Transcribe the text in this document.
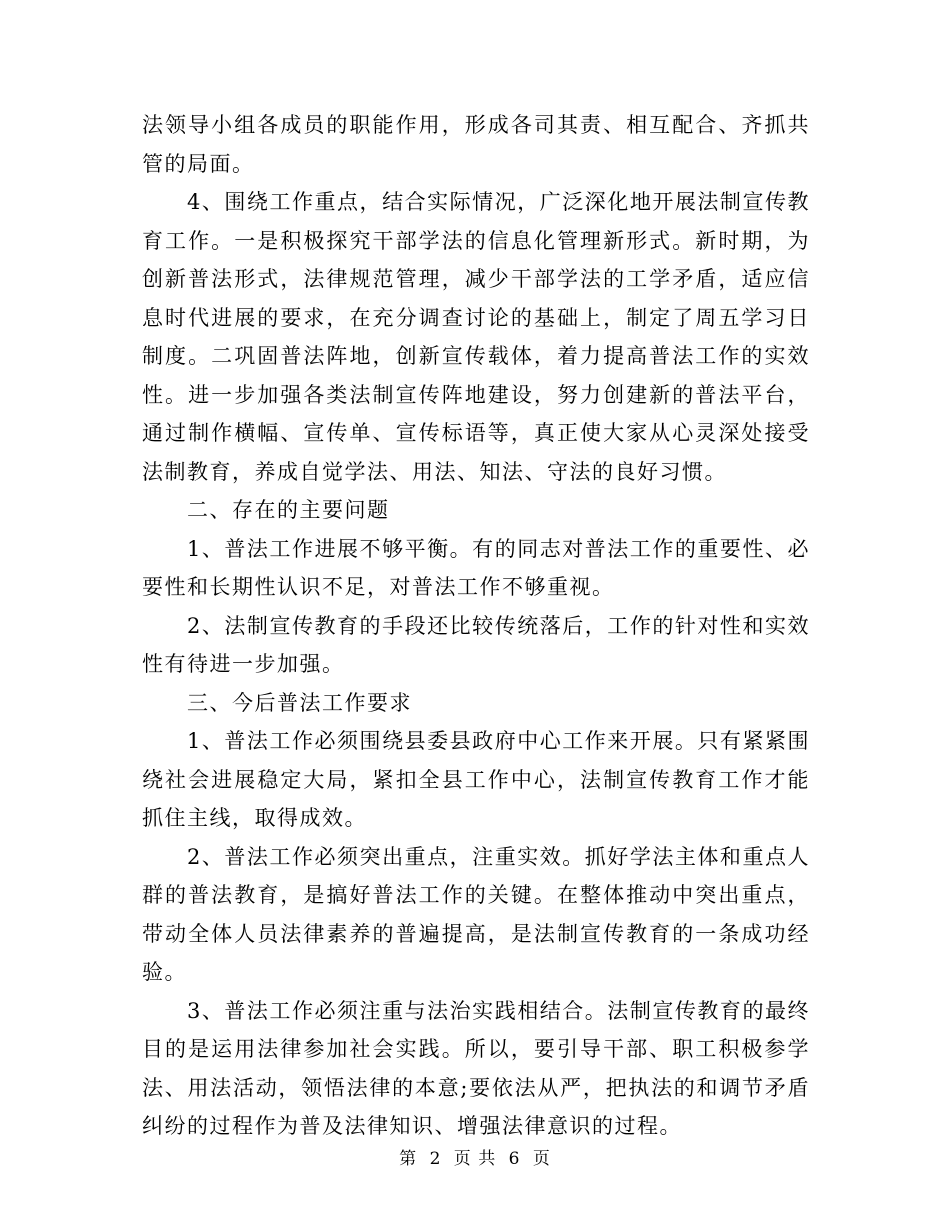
法领导小组各成员的职能作用，形成各司其责、相互配合、齐抓共管的局面。

4、围绕工作重点，结合实际情况，广泛深化地开展法制宣传教育工作。一是积极探究干部学法的信息化管理新形式。新时期，为创新普法形式，法律规范管理，减少干部学法的工学矛盾，适应信息时代进展的要求，在充分调查讨论的基础上，制定了周五学习日制度。二巩固普法阵地，创新宣传载体，着力提高普法工作的实效性。进一步加强各类法制宣传阵地建设，努力创建新的普法平台，通过制作横幅、宣传单、宣传标语等，真正使大家从心灵深处接受法制教育，养成自觉学法、用法、知法、守法的良好习惯。

二、存在的主要问题

1、普法工作进展不够平衡。有的同志对普法工作的重要性、必要性和长期性认识不足，对普法工作不够重视。

2、法制宣传教育的手段还比较传统落后，工作的针对性和实效性有待进一步加强。

三、今后普法工作要求

1、普法工作必须围绕县委县政府中心工作来开展。只有紧紧围绕社会进展稳定大局，紧扣全县工作中心，法制宣传教育工作才能抓住主线，取得成效。

2、普法工作必须突出重点，注重实效。抓好学法主体和重点人群的普法教育，是搞好普法工作的关键。在整体推动中突出重点，带动全体人员法律素养的普遍提高，是法制宣传教育的一条成功经验。

3、普法工作必须注重与法治实践相结合。法制宣传教育的最终目的是运用法律参加社会实践。所以，要引导干部、职工积极参学法、用法活动，领悟法律的本意;要依法从严，把执法的和调节矛盾纠纷的过程作为普及法律知识、增强法律意识的过程。

第 2 页 共 6 页
